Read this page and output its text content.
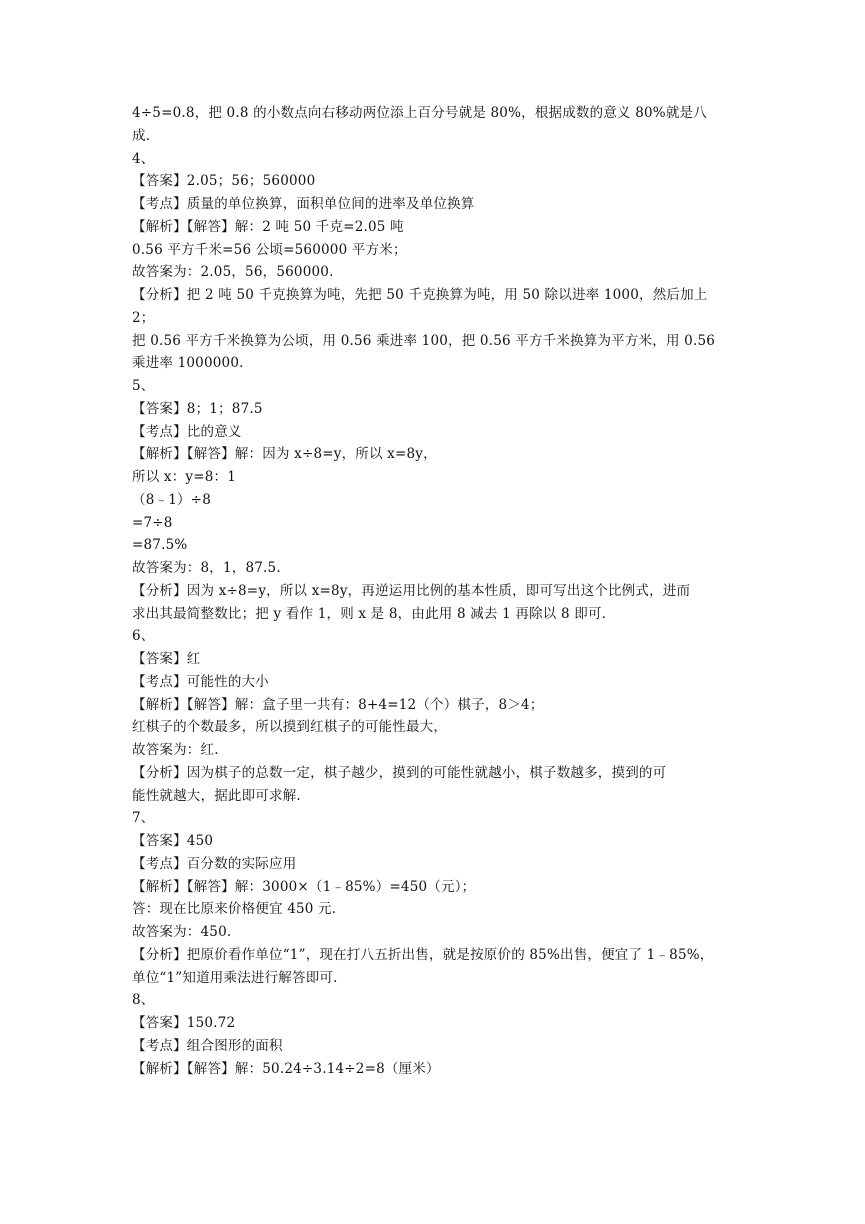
4÷5=0.8，把 0.8 的小数点向右移动两位添上百分号就是 80%，根据成数的意义 80%就是八
成.
4、
【答案】2.05；56；560000
【考点】质量的单位换算，面积单位间的进率及单位换算
【解析】【解答】解：2 吨 50 千克=2.05 吨
0.56 平方千米=56 公顷=560000 平方米；
故答案为：2.05，56，560000.
【分析】把 2 吨 50 千克换算为吨，先把 50 千克换算为吨，用 50 除以进率 1000，然后加上
2；
把 0.56 平方千米换算为公顷，用 0.56 乘进率 100，把 0.56 平方千米换算为平方米，用 0.56
乘进率 1000000.
5、
【答案】8；1；87.5
【考点】比的意义
【解析】【解答】解：因为 x÷8=y，所以 x=8y，
所以 x：y=8：1
（8﹣1）÷8
=7÷8
=87.5%
故答案为：8，1，87.5.
【分析】因为 x÷8=y，所以 x=8y，再逆运用比例的基本性质，即可写出这个比例式，进而
求出其最简整数比；把 y 看作 1，则 x 是 8，由此用 8 减去 1 再除以 8 即可.
6、
【答案】红
【考点】可能性的大小
【解析】【解答】解：盒子里一共有：8+4=12（个）棋子，8＞4；
红棋子的个数最多，所以摸到红棋子的可能性最大，
故答案为：红.
【分析】因为棋子的总数一定，棋子越少，摸到的可能性就越小，棋子数越多，摸到的可
能性就越大，据此即可求解.
7、
【答案】450
【考点】百分数的实际应用
【解析】【解答】解：3000×（1﹣85%）=450（元）；
答：现在比原来价格便宜 450 元.
故答案为：450.
【分析】把原价看作单位“1”，现在打八五折出售，就是按原价的 85%出售，便宜了 1﹣85%，
单位“1”知道用乘法进行解答即可.
8、
【答案】150.72
【考点】组合图形的面积
【解析】【解答】解：50.24÷3.14÷2=8（厘米）
